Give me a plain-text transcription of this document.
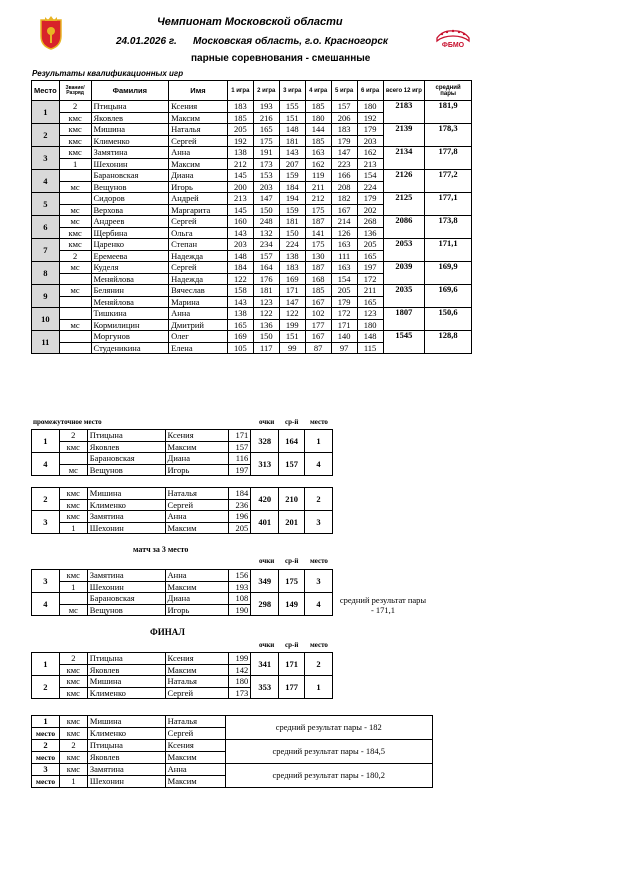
Чемпионат Московской области
24.01.2026 г. Московская область, г.о. Красногорск
парные соревнования - смешанные
ФБМО
Результаты квалификационных игр
Место	Звание/ Разряд	Фамилия	Имя	1 игра	2 игра	3 игра	4 игра	5 игра	6 игра	всего 12 игр	средний пары
1	2	Птицына	Ксения	183	193	155	185	157	180	2183	181,9
	кмс	Яковлев	Максим	185	216	151	180	206	192		
2	кмс	Мишина	Наталья	205	165	148	144	183	179	2139	178,3
	кмс	Клименко	Сергей	192	175	181	185	179	203		
3	кмс	Замятина	Анна	138	191	143	163	147	162	2134	177,8
	1	Шехонин	Максим	212	173	207	162	223	213		
4		Барановская	Диана	145	153	159	119	166	154	2126	177,2
	мс	Вещунов	Игорь	200	203	184	211	208	224		
5		Сидоров	Андрей	213	147	194	212	182	179	2125	177,1
	мс	Верхова	Маргарита	145	150	159	175	167	202		
6	мс	Андреев	Сергей	160	248	181	187	214	268	2086	173,8
	кмс	Щербина	Ольга	143	132	150	141	126	136		
7	кмс	Царенко	Степан	203	234	224	175	163	205	2053	171,1
	2	Еремеева	Надежда	148	157	138	130	111	165		
8	мс	Куделя	Сергей	184	164	183	187	163	197	2039	169,9
		Меняйлова	Надежда	122	176	169	168	154	172		
9	мс	Белянин	Вячеслав	158	181	171	185	205	211	2035	169,6
		Меняйлова	Марина	143	123	147	167	179	165		
10		Тишкина	Анна	138	122	122	102	172	123	1807	150,6
	мс	Кормилицин	Дмитрий	165	136	199	177	171	180		
11		Моргунов	Олег	169	150	151	167	140	148	1545	128,8
		Студеникина	Елена	105	117	99	87	97	115		
промежуточное место	очки ср-й место
1	2	Птицына	Ксения	171	328	164	1
	кмс	Яковлев	Максим	157			
4		Барановская	Диана	116	313	157	4
	мс	Вещунов	Игорь	197			
2	кмс	Мишина	Наталья	184	420	210	2
	кмс	Клименко	Сергей	236			
3	кмс	Замятина	Анна	196	401	201	3
	1	Шехонин	Максим	205			
матч за 3 место
очки ср-й место
3	кмс	Замятина	Анна	156	349	175	3
	1	Шехонин	Максим	193			
4		Барановская	Диана	108	298	149	4
	мс	Вещунов	Игорь	190			
средний результат пары - 171,1
ФИНАЛ
очки ср-й место
1	2	Птицына	Ксения	199	341	171	2
	кмс	Яковлев	Максим	142			
2	кмс	Мишина	Наталья	180	353	177	1
	кмс	Клименко	Сергей	173			
1	кмс	Мишина	Наталья	средний результат пары - 182
место	кмс	Клименко	Сергей	
2	2	Птицына	Ксения	средний результат пары - 184,5
место	кмс	Яковлев	Максим	
3	кмс	Замятина	Анна	средний результат пары - 180,2
место	1	Шехонин	Максим	
